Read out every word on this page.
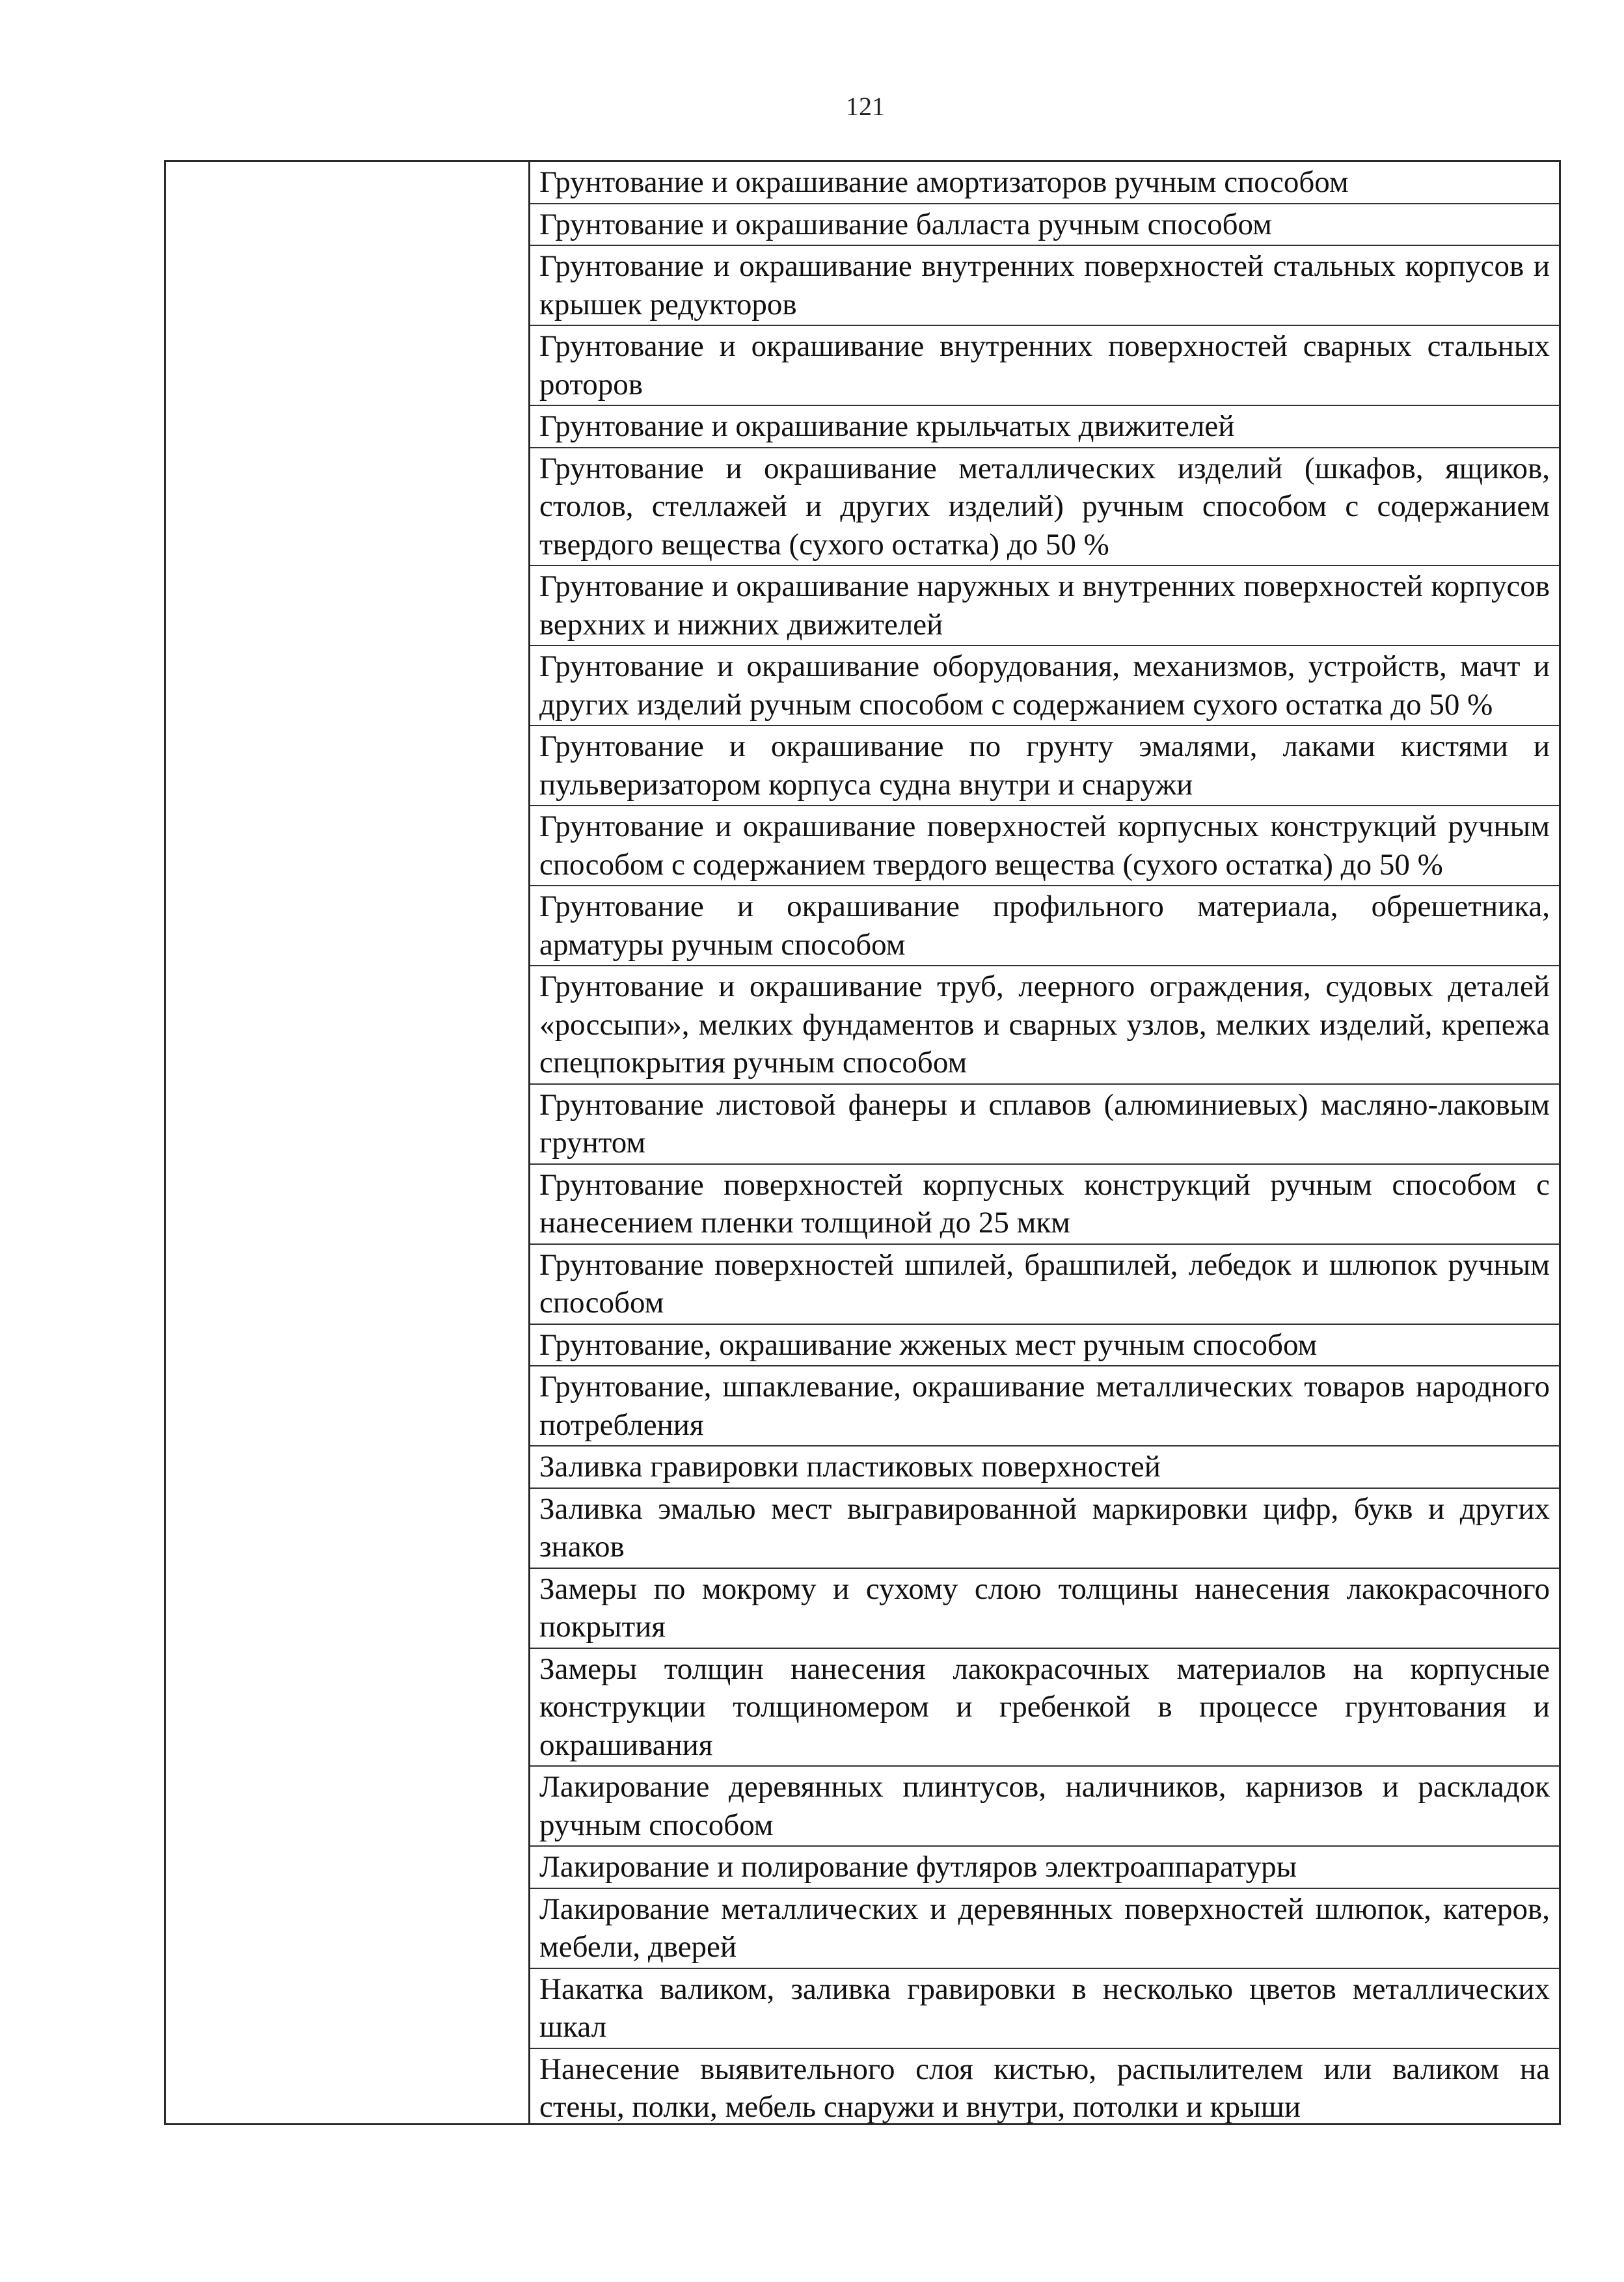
121

Грунтование и окрашивание амортизаторов ручным способом
Грунтование и окрашивание балласта ручным способом
Грунтование и окрашивание внутренних поверхностей стальных корпусов и крышек редукторов
Грунтование и окрашивание внутренних поверхностей сварных стальных роторов
Грунтование и окрашивание крыльчатых движителей
Грунтование и окрашивание металлических изделий (шкафов, ящиков, столов, стеллажей и других изделий) ручным способом с содержанием твердого вещества (сухого остатка) до 50 %
Грунтование и окрашивание наружных и внутренних поверхностей корпусов верхних и нижних движителей
Грунтование и окрашивание оборудования, механизмов, устройств, мачт и других изделий ручным способом с содержанием сухого остатка до 50 %
Грунтование и окрашивание по грунту эмалями, лаками кистями и пульверизатором корпуса судна внутри и снаружи
Грунтование и окрашивание поверхностей корпусных конструкций ручным способом с содержанием твердого вещества (сухого остатка) до 50 %
Грунтование и окрашивание профильного материала, обрешетника, арматуры ручным способом
Грунтование и окрашивание труб, леерного ограждения, судовых деталей «россыпи», мелких фундаментов и сварных узлов, мелких изделий, крепежа спецпокрытия ручным способом
Грунтование листовой фанеры и сплавов (алюминиевых) масляно-лаковым грунтом
Грунтование поверхностей корпусных конструкций ручным способом с нанесением пленки толщиной до 25 мкм
Грунтование поверхностей шпилей, брашпилей, лебедок и шлюпок ручным способом
Грунтование, окрашивание жженых мест ручным способом
Грунтование, шпаклевание, окрашивание металлических товаров народного потребления
Заливка гравировки пластиковых поверхностей
Заливка эмалью мест выгравированной маркировки цифр, букв и других знаков
Замеры по мокрому и сухому слою толщины нанесения лакокрасочного покрытия
Замеры толщин нанесения лакокрасочных материалов на корпусные конструкции толщиномером и гребенкой в процессе грунтования и окрашивания
Лакирование деревянных плинтусов, наличников, карнизов и раскладок ручным способом
Лакирование и полирование футляров электроаппаратуры
Лакирование металлических и деревянных поверхностей шлюпок, катеров, мебели, дверей
Накатка валиком, заливка гравировки в несколько цветов металлических шкал
Нанесение выявительного слоя кистью, распылителем или валиком на стены, полки, мебель снаружи и внутри, потолки и крыши
